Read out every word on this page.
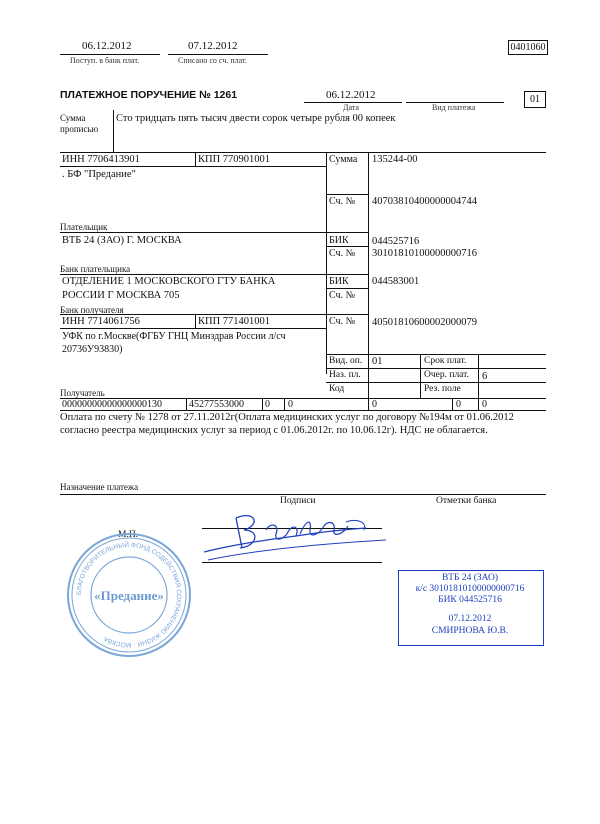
06.12.2012
Поступ. в банк плат.
07.12.2012
Списано со сч. плат.
0401060
ПЛАТЕЖНОЕ ПОРУЧЕНИЕ № 1261	06.12.2012
Дата	Вид платежа
01
Сумма прописью
Сто тридцать пять тысяч двести сорок четыре рубля 00 копеек
ИНН 7706413901	КПП 770901001	Сумма 135244-00
. БФ "Предание"
Сч. № 40703810400000004744
Плательщик
ВТБ 24 (ЗАО) Г. МОСКВА	БИК 044525716
Сч. № 30101810100000000716
Банк плательщика
ОТДЕЛЕНИЕ 1 МОСКОВСКОГО ГТУ БАНКА
РОССИИ Г МОСКВА 705
БИК 044583001
Сч. №
Банк получателя
ИНН 7714061756	КПП 771401001	Сч. № 40501810600002000079
УФК по г.Москве(ФГБУ ГНЦ Минздрав России л/сч
20736У93830)
Получатель
Вид. оп. 01	Срок плат.
Наз. пл.	Очер. плат. 6
Код	Рез. поле
00000000000000000130	45277553000 0 0	0	0 0
Оплата по счету № 1278 от 27.11.2012г(Оплата медицинских услуг по договору №194м от 01.06.2012
согласно реестра медицинских услуг за период с 01.06.2012г. по 10.06.12г). НДС не облагается.
Назначение платежа
Подписи	Отметки банка
М.П.
БЛАГОТВОРИТЕЛЬНЫЙ ФОНД СОДЕЙСТВИЯ СОХРАНЕНИЮ ЖИЗНИ · МОСКВА
«Предание»
ВТБ 24 (ЗАО)
к/с 30101810100000000716
БИК 044525716
07.12.2012
СМИРНОВА Ю.В.
